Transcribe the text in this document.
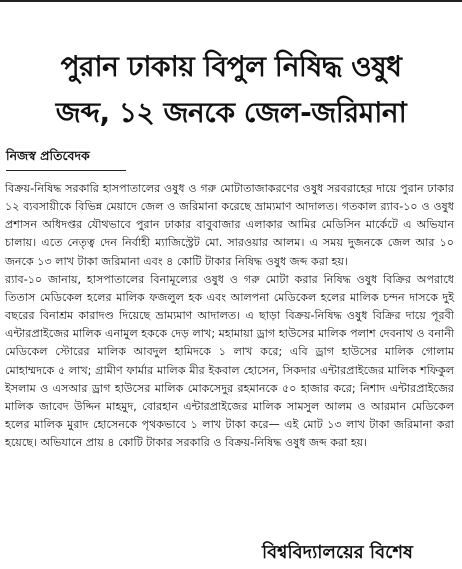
পুরান ঢাকায় বিপুল নিষিদ্ধ ওষুধ
জব্দ, ১২ জনকে জেল-জরিমানা
নিজস্ব প্রতিবেদক

বিক্রয়-নিষিদ্ধ সরকারি হাসপাতালের ওষুধ ও গরু মোটাতাজাকরণের ওষুধ সরবরাহের দায়ে পুরান ঢাকার ১২ ব্যবসায়ীকে বিভিন্ন মেয়াদে জেল ও জরিমানা করেছে ভ্রাম্যমাণ আদালত। গতকাল র‍্যাব-১০ ও ওষুধ প্রশাসন অধিদপ্তর যৌথভাবে পুরান ঢাকার বাবুবাজার এলাকার আমির মেডিসিন মার্কেটে এ অভিযান চালায়। এতে নেতৃত্ব দেন নির্বাহী ম্যাজিস্ট্রেট মো. সারওয়ার আলম। এ সময় দুজনকে জেল আর ১০ জনকে ১৩ লাখ টাকা জরিমানা এবং ৪ কোটি টাকার নিষিদ্ধ ওষুধ জব্দ করা হয়।

র‍্যাব-১০ জানায়, হাসপাতালের বিনামূল্যের ওষুধ ও গরু মোটা করার নিষিদ্ধ ওষুধ বিক্রির অপরাধে তিতাস মেডিকেল হলের মালিক ফজলুল হক এবং আলপনা মেডিকেল হলের মালিক চন্দন দাসকে দুই বছরের বিনাশ্রম কারাদণ্ড দিয়েছে ভ্রাম্যমাণ আদালত। এ ছাড়া বিক্রয়-নিষিদ্ধ ওষুধ বিক্রির দায়ে পূরবী এন্টারপ্রাইজের মালিক এনামুল হককে দেড় লাখ; মহামায়া ড্রাগ হাউসের মালিক পলাশ দেবনাথ ও বনানী মেডিকেল স্টোরের মালিক আবদুল হামিদকে ১ লাখ করে; এবি ড্রাগ হাউসের মালিক গোলাম মোহাম্মদকে ৫ লাখ; গ্রামীণ ফার্মার মালিক মীর ইকবাল হোসেন, সিকদার এন্টারপ্রাইজের মালিক শফিকুল ইসলাম ও এসআর ড্রাগ হাউসের মালিক মোকসেদুর রহমানকে ৫০ হাজার করে; নিশাদ এন্টারপ্রাইজের মালিক জাবেদ উদ্দিন মাহমুদ, বোরহান এন্টারপ্রাইজের মালিক সামসুল আলম ও আরমান মেডিকেল হলের মালিক মুরাদ হোসেনকে পৃথকভাবে ১ লাখ টাকা করে— এই মোট ১৩ লাখ টাকা জরিমানা করা হয়েছে। অভিযানে প্রায় ৪ কোটি টাকার সরকারি ও বিক্রয়-নিষিদ্ধ ওষুধ জব্দ করা হয়।

বিশ্ববিদ্যালয়ের বিশেষ
